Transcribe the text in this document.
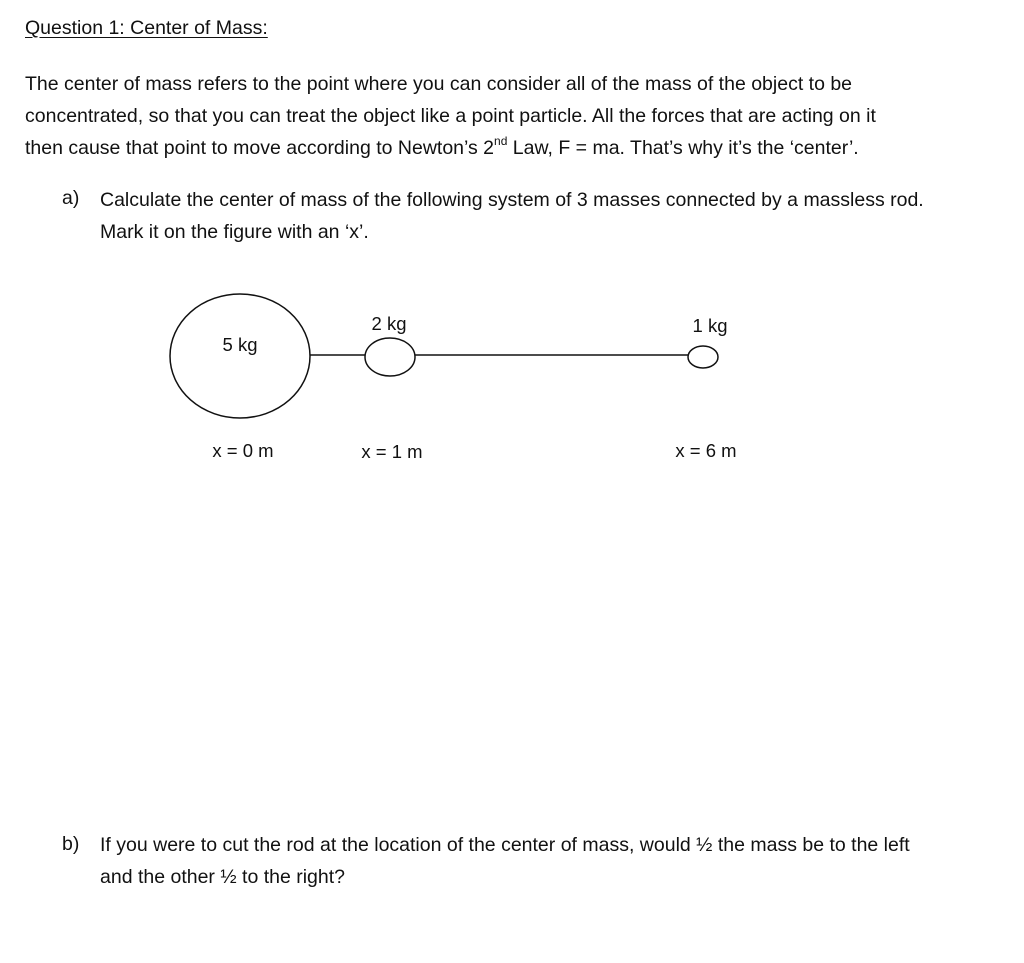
Question 1: Center of Mass:

The center of mass refers to the point where you can consider all of the mass of the object to be

concentrated, so that you can treat the object like a point particle. All the forces that are acting on it

then cause that point to move according to Newton’s 2nd Law, F = ma. That’s why it’s the ‘center’.

a) Calculate the center of mass of the following system of 3 masses connected by a massless rod.

Mark it on the figure with an ‘x’.

5 kg
2 kg	1 kg
x = 0 m	x = 1 m	x = 6 m
b) If you were to cut the rod at the location of the center of mass, would ½ the mass be to the left

and the other ½ to the right?
